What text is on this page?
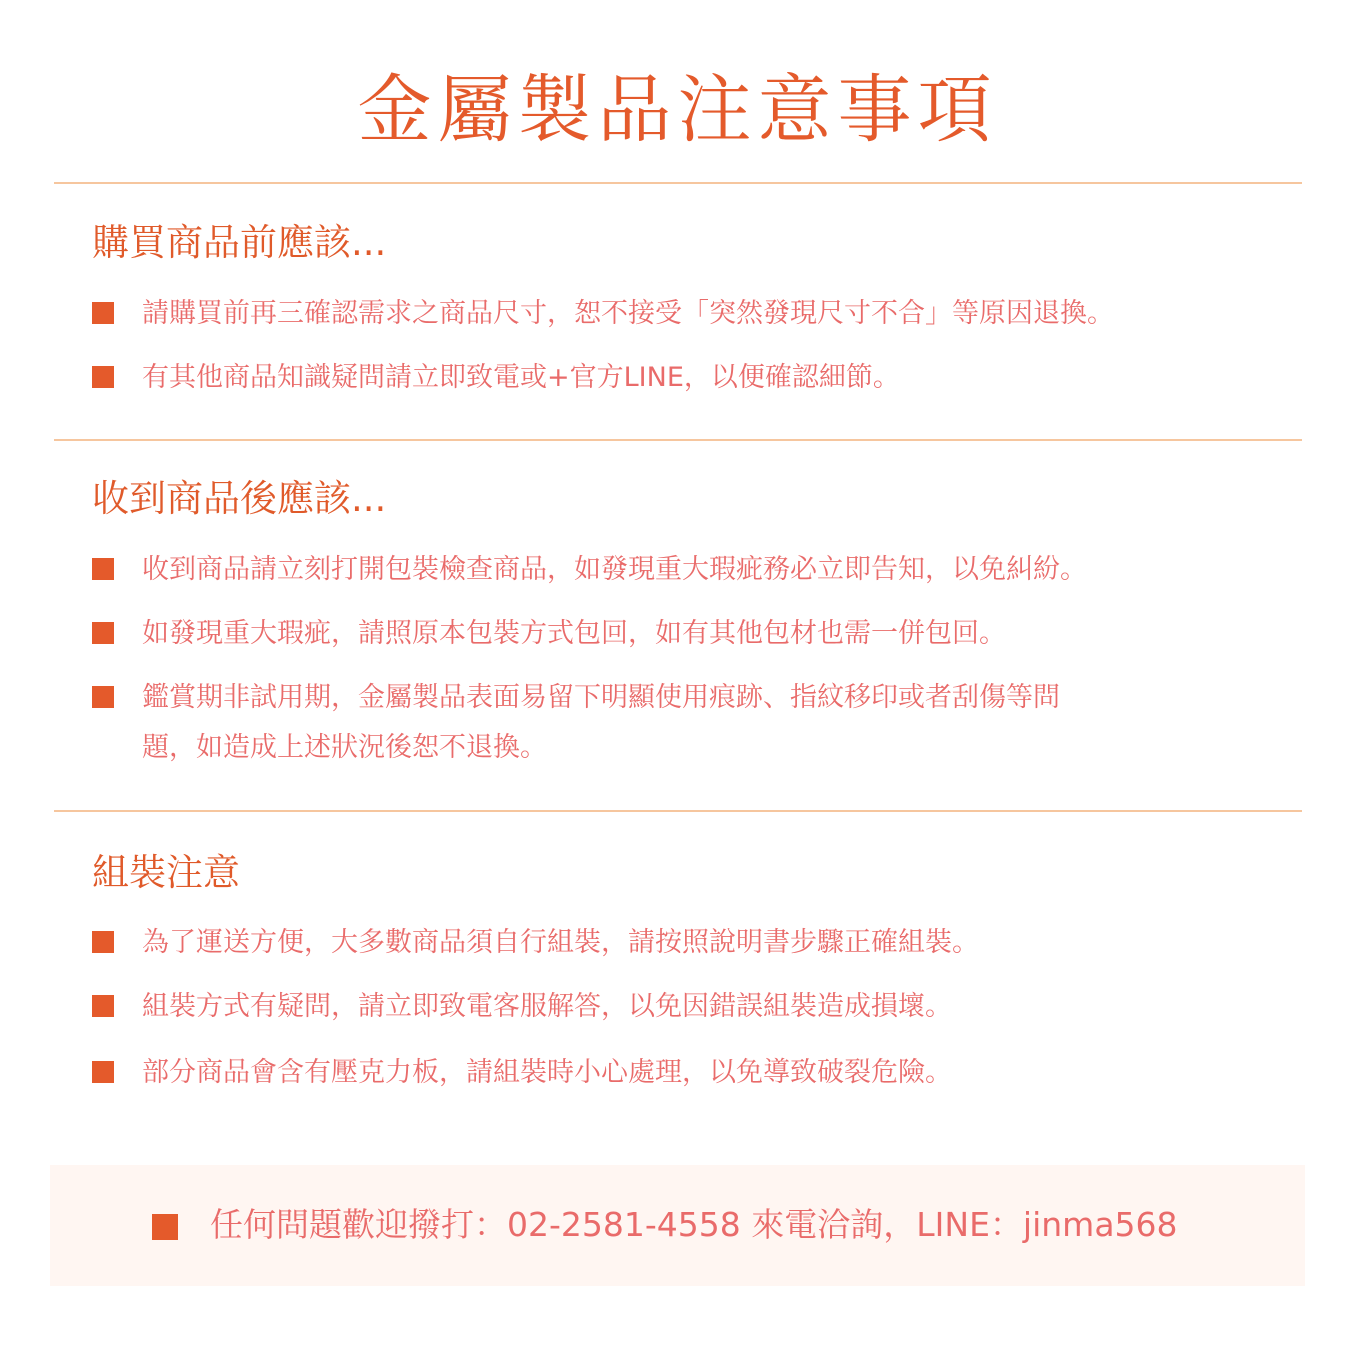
金屬製品注意事項
購買商品前應該...
請購買前再三確認需求之商品尺寸，恕不接受「突然發現尺寸不合」等原因退換。
有其他商品知識疑問請立即致電或+官方LINE，以便確認細節。
收到商品後應該...
收到商品請立刻打開包裝檢查商品，如發現重大瑕疵務必立即告知，以免糾紛。
如發現重大瑕疵，請照原本包裝方式包回，如有其他包材也需一併包回。
鑑賞期非試用期，金屬製品表面易留下明顯使用痕跡、指紋移印或者刮傷等問
題，如造成上述狀況後恕不退換。
組裝注意
為了運送方便，大多數商品須自行組裝，請按照說明書步驟正確組裝。
組裝方式有疑問，請立即致電客服解答，以免因錯誤組裝造成損壞。
部分商品會含有壓克力板，請組裝時小心處理，以免導致破裂危險。
任何問題歡迎撥打：02-2581-4558 來電洽詢，LINE：jinma568
